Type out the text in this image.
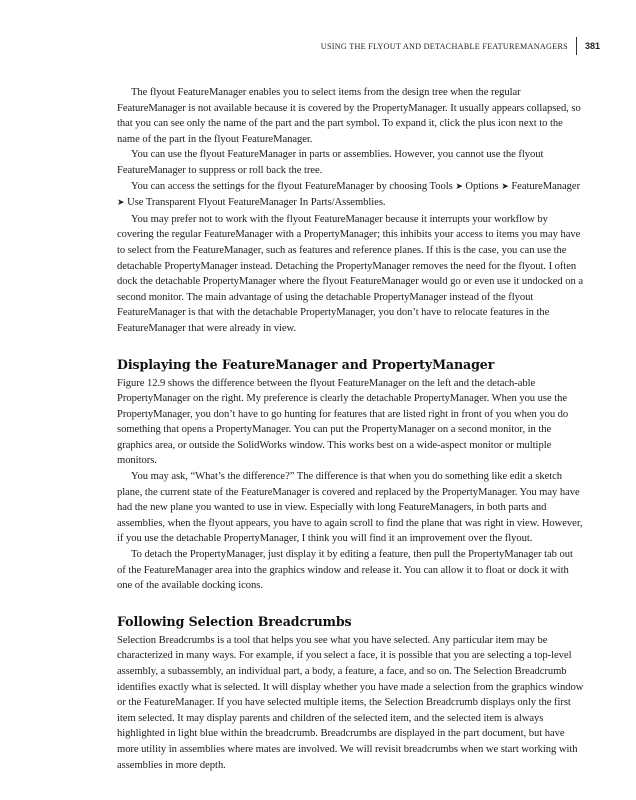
USING THE FLYOUT AND DETACHABLE FEATUREMANAGERS 381

The flyout FeatureManager enables you to select items from the design tree when the regular FeatureManager is not available because it is covered by the PropertyManager. It usually appears collapsed, so that you can see only the name of the part and the part symbol. To expand it, click the plus icon next to the name of the part in the flyout FeatureManager.

You can use the flyout FeatureManager in parts or assemblies. However, you cannot use the flyout FeatureManager to suppress or roll back the tree.

You can access the settings for the flyout FeatureManager by choosing Tools ➤ Options ➤ FeatureManager ➤ Use Transparent Flyout FeatureManager In Parts/Assemblies.

You may prefer not to work with the flyout FeatureManager because it interrupts your workflow by covering the regular FeatureManager with a PropertyManager; this inhibits your access to items you may have to select from the FeatureManager, such as features and reference planes. If this is the case, you can use the detachable PropertyManager instead. Detaching the PropertyManager removes the need for the flyout. I often dock the detachable PropertyManager where the flyout FeatureManager would go or even use it undocked on a second monitor. The main advantage of using the detachable PropertyManager instead of the flyout FeatureManager is that with the detachable PropertyManager, you don’t have to relocate features in the FeatureManager that were already in view.

Displaying the FeatureManager and PropertyManager

Figure 12.9 shows the difference between the flyout FeatureManager on the left and the detach-able PropertyManager on the right. My preference is clearly the detachable PropertyManager. When you use the PropertyManager, you don’t have to go hunting for features that are listed right in front of you when you do something that opens a PropertyManager. You can put the PropertyManager on a second monitor, in the graphics area, or outside the SolidWorks window. This works best on a wide-aspect monitor or multiple monitors.

You may ask, “What’s the difference?” The difference is that when you do something like edit a sketch plane, the current state of the FeatureManager is covered and replaced by the PropertyManager. You may have had the new plane you wanted to use in view. Especially with long FeatureManagers, in both parts and assemblies, when the flyout appears, you have to again scroll to find the plane that was right in view. However, if you use the detachable PropertyManager, I think you will find it an improvement over the flyout.

To detach the PropertyManager, just display it by editing a feature, then pull the PropertyManager tab out of the FeatureManager area into the graphics window and release it. You can allow it to float or dock it with one of the available docking icons.

Following Selection Breadcrumbs

Selection Breadcrumbs is a tool that helps you see what you have selected. Any particular item may be characterized in many ways. For example, if you select a face, it is possible that you are selecting a top-level assembly, a subassembly, an individual part, a body, a feature, a face, and so on. The Selection Breadcrumb identifies exactly what is selected. It will display whether you have made a selection from the graphics window or the FeatureManager. If you have selected multiple items, the Selection Breadcrumb displays only the first item selected. It may display parents and children of the selected item, and the selected item is always highlighted in light blue within the breadcrumb. Breadcrumbs are displayed in the part document, but have more utility in assemblies where mates are involved. We will revisit breadcrumbs when we start working with assemblies in more depth.
